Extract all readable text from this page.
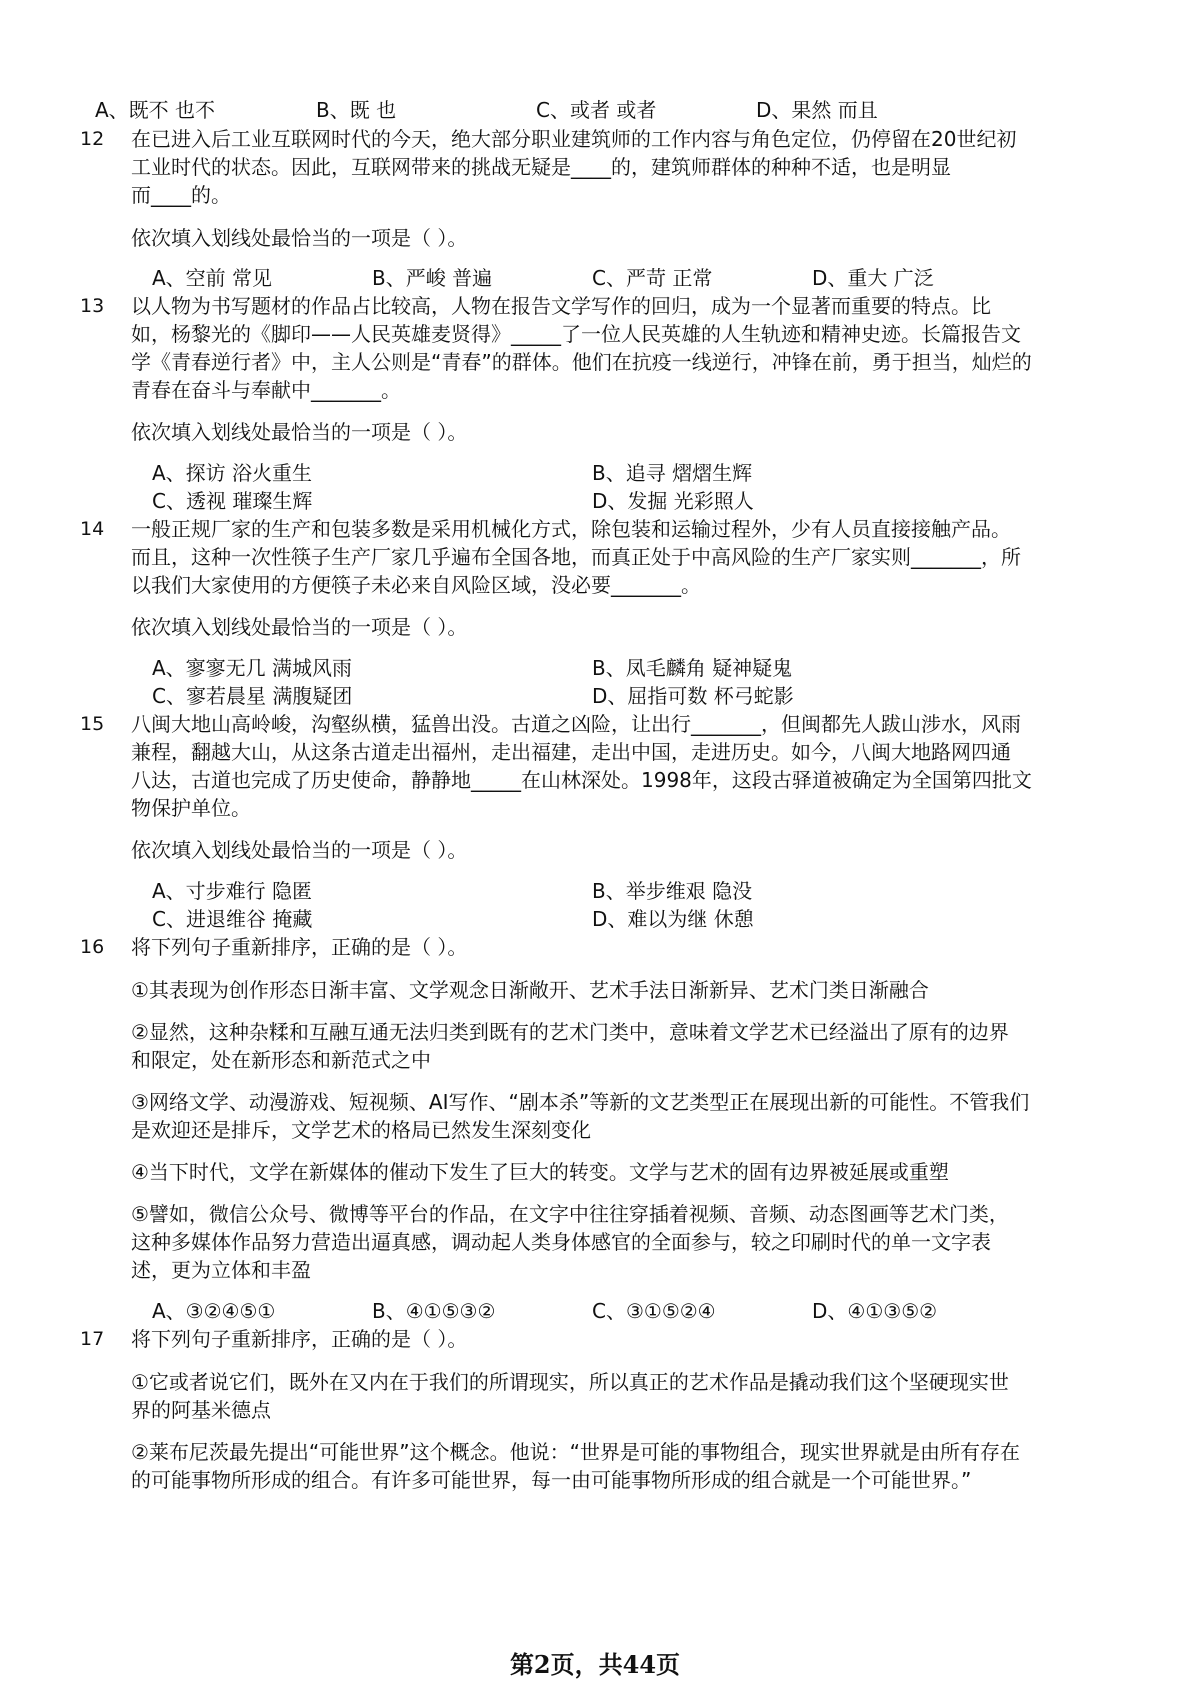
A、既不 也不	B、既 也	C、或者 或者	D、果然 而且
12 在已进入后工业互联网时代的今天，绝大部分职业建筑师的工作内容与角色定位，仍停留在20世纪初
工业时代的状态。因此，互联网带来的挑战无疑是____的，建筑师群体的种种不适，也是明显
而____的。
依次填入划线处最恰当的一项是（ ）。
A、空前 常见	B、严峻 普遍	C、严苛 正常	D、重大 广泛
13 以人物为书写题材的作品占比较高，人物在报告文学写作的回归，成为一个显著而重要的特点。比
如，杨黎光的《脚印——人民英雄麦贤得》_____了一位人民英雄的人生轨迹和精神史迹。长篇报告文
学《青春逆行者》中，主人公则是“青春”的群体。他们在抗疫一线逆行，冲锋在前，勇于担当，灿烂的
青春在奋斗与奉献中_______。
依次填入划线处最恰当的一项是（ ）。
A、探访 浴火重生	B、追寻 熠熠生辉
C、透视 璀璨生辉	D、发掘 光彩照人
14 一般正规厂家的生产和包装多数是采用机械化方式，除包装和运输过程外，少有人员直接接触产品。
而且，这种一次性筷子生产厂家几乎遍布全国各地，而真正处于中高风险的生产厂家实则_______，所
以我们大家使用的方便筷子未必来自风险区域，没必要_______。
依次填入划线处最恰当的一项是（ ）。
A、寥寥无几 满城风雨	B、凤毛麟角 疑神疑鬼
C、寥若晨星 满腹疑团	D、屈指可数 杯弓蛇影
15 八闽大地山高岭峻，沟壑纵横，猛兽出没。古道之凶险，让出行_______，但闽都先人跋山涉水，风雨
兼程，翻越大山，从这条古道走出福州，走出福建，走出中国，走进历史。如今，八闽大地路网四通
八达，古道也完成了历史使命，静静地_____在山林深处。1998年，这段古驿道被确定为全国第四批文
物保护单位。
依次填入划线处最恰当的一项是（ ）。
A、寸步难行 隐匿	B、举步维艰 隐没
C、进退维谷 掩藏	D、难以为继 休憩
16 将下列句子重新排序，正确的是（ ）。
①其表现为创作形态日渐丰富、文学观念日渐敞开、艺术手法日渐新异、艺术门类日渐融合
②显然，这种杂糅和互融互通无法归类到既有的艺术门类中，意味着文学艺术已经溢出了原有的边界
和限定，处在新形态和新范式之中
③网络文学、动漫游戏、短视频、AI写作、“剧本杀”等新的文艺类型正在展现出新的可能性。不管我们
是欢迎还是排斥，文学艺术的格局已然发生深刻变化
④当下时代，文学在新媒体的催动下发生了巨大的转变。文学与艺术的固有边界被延展或重塑
⑤譬如，微信公众号、微博等平台的作品，在文字中往往穿插着视频、音频、动态图画等艺术门类，
这种多媒体作品努力营造出逼真感，调动起人类身体感官的全面参与，较之印刷时代的单一文字表
述，更为立体和丰盈
A、③②④⑤①	B、④①⑤③②	C、③①⑤②④	D、④①③⑤②
17 将下列句子重新排序，正确的是（ ）。
①它或者说它们，既外在又内在于我们的所谓现实，所以真正的艺术作品是撬动我们这个坚硬现实世
界的阿基米德点
②莱布尼茨最先提出“可能世界”这个概念。他说：“世界是可能的事物组合，现实世界就是由所有存在
的可能事物所形成的组合。有许多可能世界，每一由可能事物所形成的组合就是一个可能世界。”
第2页，共44页
